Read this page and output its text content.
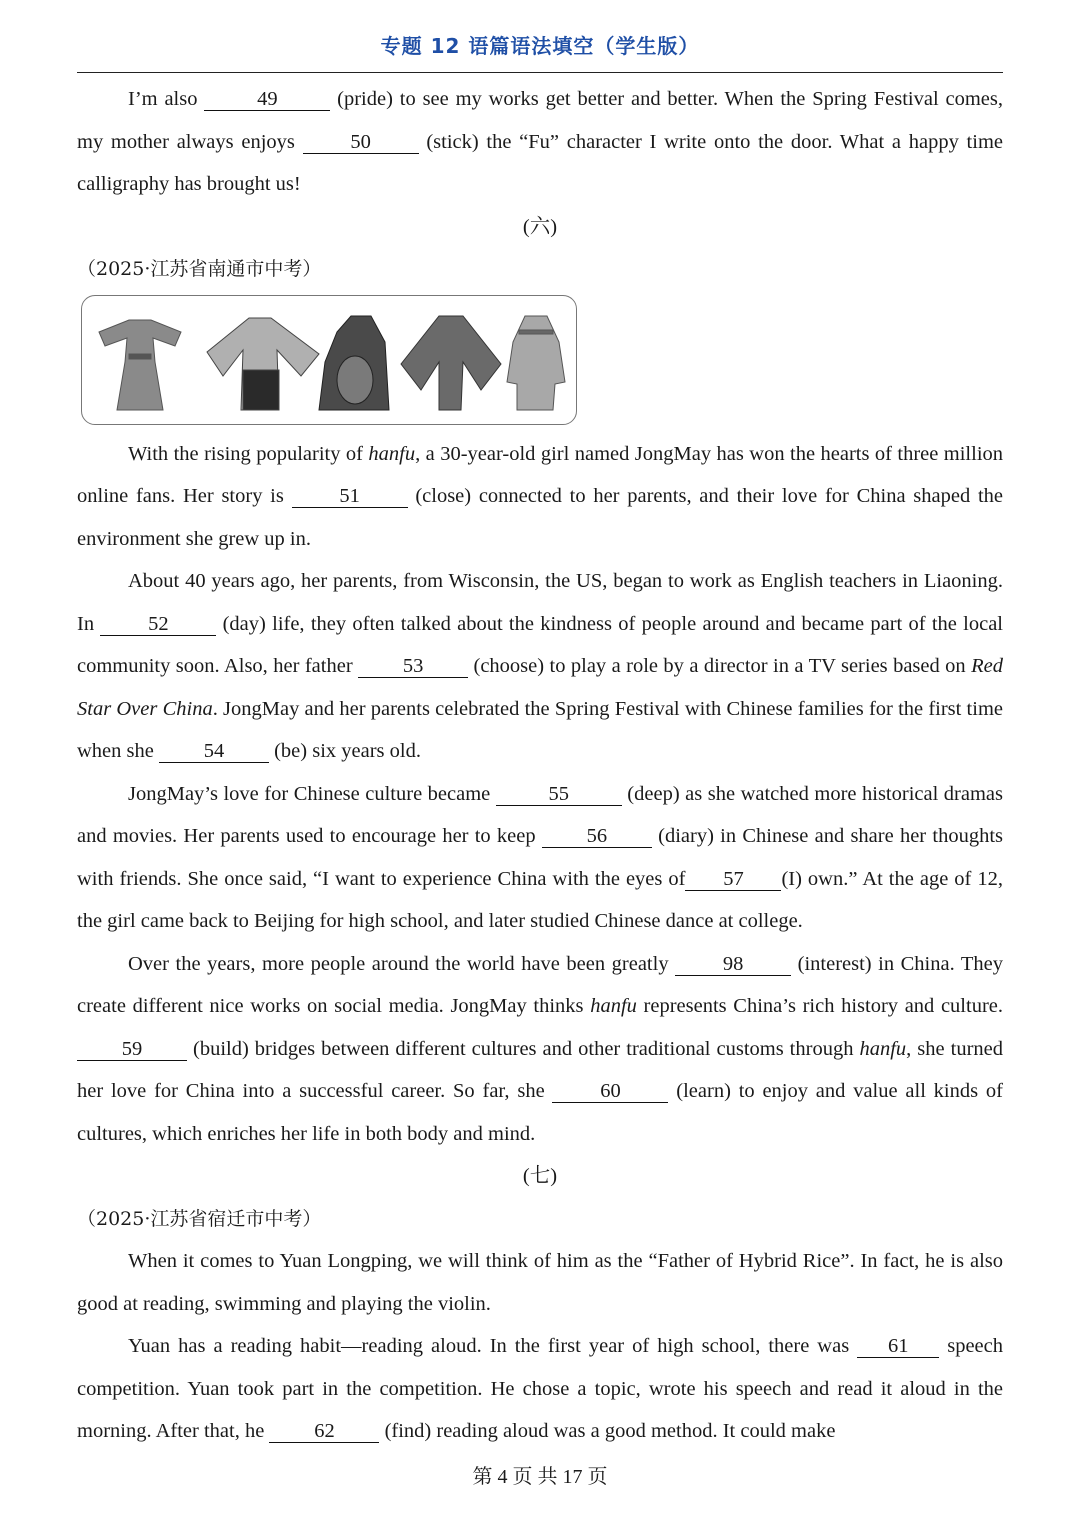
专题 12 语篇语法填空（学生版）

I’m also	49	(pride) to see my works get better and better. When the Spring Festival comes, my mother always enjoys 50 (stick) the “Fu” character I write onto the door. What a happy time calligraphy has brought us!

(六)
（2025·江苏省南通市中考）

With the rising popularity of hanfu, a 30-year-old girl named JongMay has won the hearts of three million online fans. Her story is 51 (close) connected to her parents, and their love for China shaped the environment she grew up in.

About 40 years ago, her parents, from Wisconsin, the US, began to work as English teachers in Liaoning. In 52 (day) life, they often talked about the kindness of people around and became part of the local community soon. Also, her father 53 (choose) to play a role by a director in a TV series based on Red Star Over China. JongMay and her parents celebrated the Spring Festival with Chinese families for the first time when she 54 (be) six years old.

JongMay’s love for Chinese culture became	55	(deep) as she watched more historical dramas and movies. Her parents used to encourage her to keep 56 (diary) in Chinese and share her thoughts with friends. She once said, “I want to experience China with the eyes of 57 (I) own.” At the age of 12, the girl came back to Beijing for high school, and later studied Chinese dance at college.

Over the years, more people around the world have been greatly 98 (interest) in China. They create different nice works on social media. JongMay thinks hanfu represents China’s rich history and culture. 59 (build) bridges between different cultures and other traditional customs through hanfu, she turned her love for China into a successful career. So far, she 60 (learn) to enjoy and value all kinds of cultures, which enriches her life in both body and mind.

(七)
（2025·江苏省宿迁市中考）

When it comes to Yuan Longping, we will think of him as the “Father of Hybrid Rice”. In fact, he is also good at reading, swimming and playing the violin.

Yuan has a reading habit—reading aloud. In the first year of high school, there was 61 speech competition. Yuan took part in the competition. He chose a topic, wrote his speech and read it aloud in the morning. After that, he 62 (find) reading aloud was a good method. It could make

第 4 页 共 17 页
